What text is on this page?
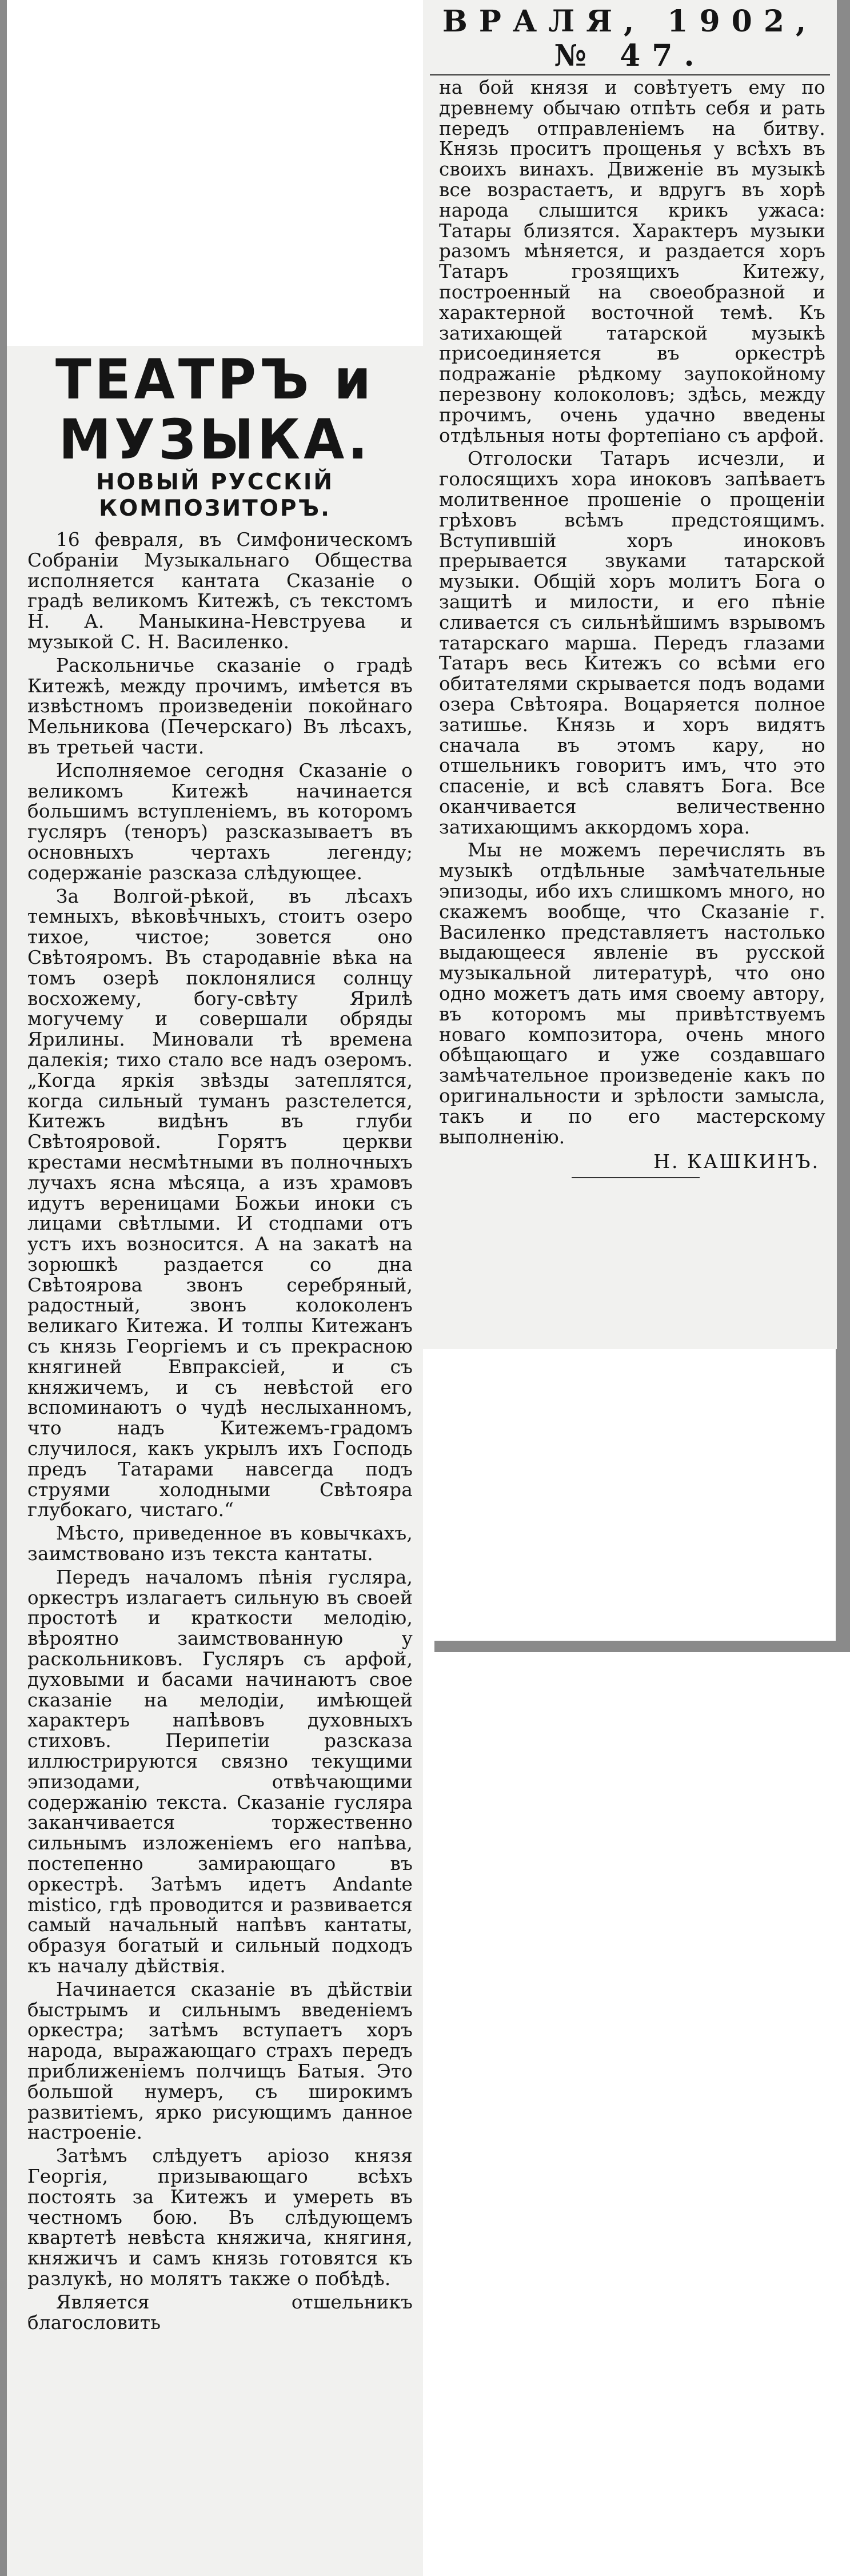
ВРАЛЯ, 1902, № 47.

на бой князя и совѣтуетъ ему по древнему обычаю отпѣть себя и рать передъ отправленіемъ на битву. Князь проситъ прощенья у всѣхъ въ своихъ винахъ. Движеніе въ музыкѣ все возрастаетъ, и вдругъ въ хорѣ народа слышится крикъ ужаса: Татары близятся. Характеръ музыки разомъ мѣняется, и раздается хоръ Татаръ грозящихъ Китежу, построенный на своеобразной и характерной восточной темѣ. Къ затихающей татарской музыкѣ присоединяется въ оркестрѣ подражаніе рѣдкому заупокойному перезвону колоколовъ; здѣсь, между прочимъ, очень удачно введены отдѣльныя ноты фортепіано съ арфой.

Отголоски Татаръ исчезли, и голосящихъ хора иноковъ запѣваетъ молитвенное прошеніе о прощеніи грѣховъ всѣмъ предстоящимъ. Вступившій хоръ иноковъ прерывается звуками татарской музыки. Общій хоръ молитъ Бога о защитѣ и милости, и его пѣніе сливается съ сильнѣйшимъ взрывомъ татарскаго марша. Передъ глазами Татаръ весь Китежъ со всѣми его обитателями скрывается подъ водами озера Свѣтояра. Воцаряется полное затишье. Князь и хоръ видятъ сначала въ этомъ кару, но отшельникъ говоритъ имъ, что это спасеніе, и всѣ славятъ Бога. Все оканчивается величественно затихающимъ аккордомъ хора.

Мы не можемъ перечислять въ музыкѣ отдѣльные замѣчательные эпизоды, ибо ихъ слишкомъ много, но скажемъ вообще, что Сказаніе г. Василенко представляетъ настолько выдающееся явленіе въ русской музыкальной литературѣ, что оно одно можетъ дать имя своему автору, въ которомъ мы привѣтствуемъ новаго композитора, очень много обѣщающаго и уже создавшаго замѣчательное произведеніе какъ по оригинальности и зрѣлости замысла, такъ и по его мастерскому выполненію.

Н. КАШКИНЪ.
ТЕАТРЪ и МУЗЫКА.
НОВЫЙ РУССКІЙ КОМПОЗИТОРЪ.

16 февраля, въ Симфоническомъ Собраніи Музыкальнаго Общества исполняется кантата Сказаніе о градѣ великомъ Китежѣ, съ текстомъ Н. А. Маныкина-Невструева и музыкой С. Н. Василенко.

Раскольничье сказаніе о градѣ Китежѣ, между прочимъ, имѣется въ извѣстномъ произведеніи покойнаго Мельникова (Печерскаго) Въ лѣсахъ, въ третьей части.

Исполняемое сегодня Сказаніе о великомъ Китежѣ начинается большимъ вступленіемъ, въ которомъ гусляръ (теноръ) разсказываетъ въ основныхъ чертахъ легенду; содержаніе разсказа слѣдующее.

За Волгой-рѣкой, въ лѣсахъ темныхъ, вѣковѣчныхъ, стоитъ озеро тихое, чистое; зовется оно Свѣтояромъ. Въ стародавніе вѣка на томъ озерѣ поклонялися солнцу восхожему, богу-свѣту Ярилѣ могучему и совершали обряды Ярилины. Миновали тѣ времена далекія; тихо стало все надъ озеромъ. „Когда яркія звѣзды затеплятся, когда сильный туманъ разстелется, Китежъ видѣнъ въ глуби Свѣтояровой. Горятъ церкви крестами несмѣтными въ полночныхъ лучахъ ясна мѣсяца, а изъ храмовъ идутъ вереницами Божьи иноки съ лицами свѣтлыми. И стодпами отъ устъ ихъ возносится. А на закатѣ на зорюшкѣ раздается со дна Свѣтоярова звонъ серебряный, радостный, звонъ колоколенъ великаго Китежа. И толпы Китежанъ съ князь Георгіемъ и съ прекрасною княгиней Евпраксіей, и съ княжичемъ, и съ невѣстой его вспоминаютъ о чудѣ неслыханномъ, что надъ Китежемъ-градомъ случилося, какъ укрылъ ихъ Господь предъ Татарами навсегда подъ струями холодными Свѣтояра глубокаго, чистаго.“

Мѣсто, приведенное въ ковычкахъ, заимствовано изъ текста кантаты.

Передъ началомъ пѣнія гусляра, оркестръ излагаетъ сильную въ своей простотѣ и краткости мелодію, вѣроятно заимствованную у раскольниковъ. Гусляръ съ арфой, духовыми и басами начинаютъ свое сказаніе на мелодіи, имѣющей характеръ напѣвовъ духовныхъ стиховъ. Перипетіи разсказа иллюстрируются связно текущими эпизодами, отвѣчающими содержанію текста. Сказаніе гусляра заканчивается торжественно сильнымъ изложеніемъ его напѣва, постепенно замирающаго въ оркестрѣ. Затѣмъ идетъ Andante mistico, гдѣ проводится и развивается самый начальный напѣвъ кантаты, образуя богатый и сильный подходъ къ началу дѣйствія.

Начинается сказаніе въ дѣйствіи быстрымъ и сильнымъ введеніемъ оркестра; затѣмъ вступаетъ хоръ народа, выражающаго страхъ передъ приближеніемъ полчищъ Батыя. Это большой нумеръ, съ широкимъ развитіемъ, ярко рисующимъ данное настроеніе.

Затѣмъ слѣдуетъ аріозо князя Георгія, призывающаго всѣхъ постоять за Китежъ и умереть въ честномъ бою. Въ слѣдующемъ квартетѣ невѣста княжича, княгиня, княжичъ и самъ князь готовятся къ разлукѣ, но молятъ также о побѣдѣ.

Является отшельникъ благословить
